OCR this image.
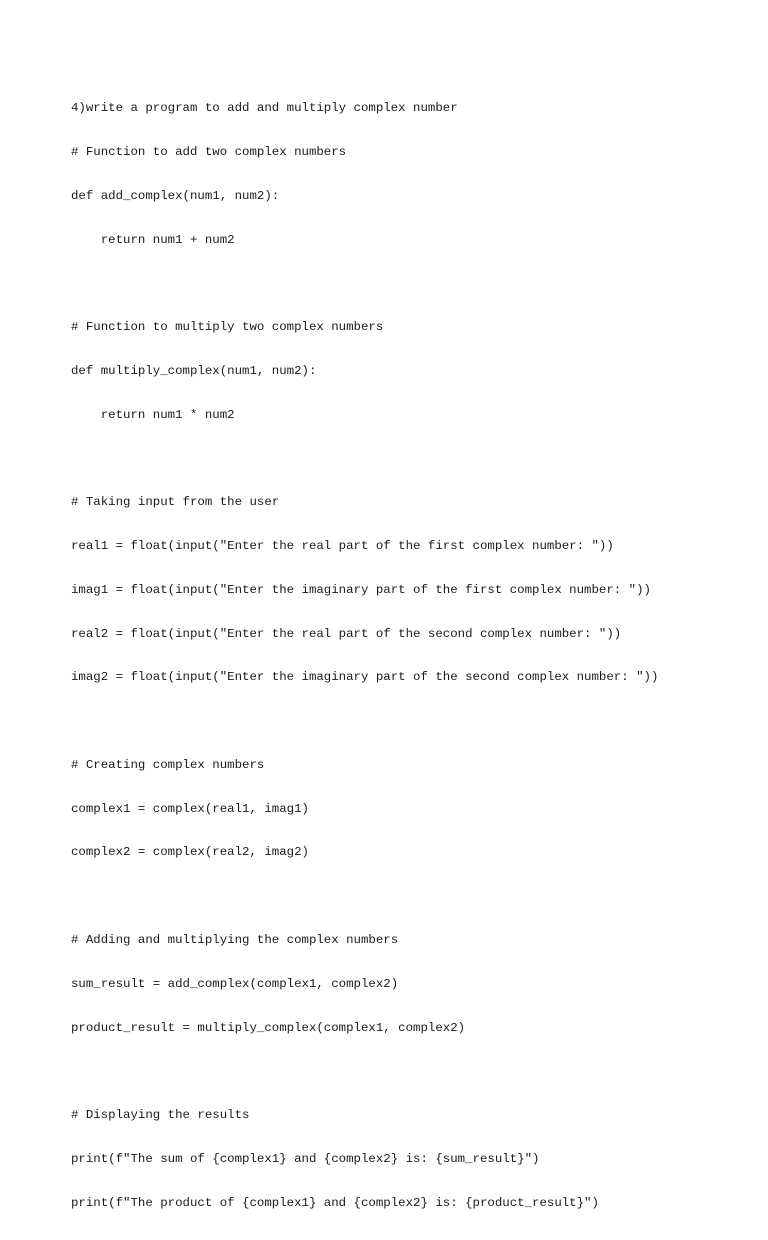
4)write a program to add and multiply complex number

# Function to add two complex numbers

def add_complex(num1, num2):

return num1 + num2

# Function to multiply two complex numbers

def multiply_complex(num1, num2):

return num1 * num2

# Taking input from the user

real1 = float(input("Enter the real part of the first complex number: "))

imag1 = float(input("Enter the imaginary part of the first complex number: "))

real2 = float(input("Enter the real part of the second complex number: "))

imag2 = float(input("Enter the imaginary part of the second complex number: "))

# Creating complex numbers

complex1 = complex(real1, imag1)

complex2 = complex(real2, imag2)

# Adding and multiplying the complex numbers

sum_result = add_complex(complex1, complex2)

product_result = multiply_complex(complex1, complex2)

# Displaying the results

print(f"The sum of {complex1} and {complex2} is: {sum_result}")

print(f"The product of {complex1} and {complex2} is: {product_result}")
